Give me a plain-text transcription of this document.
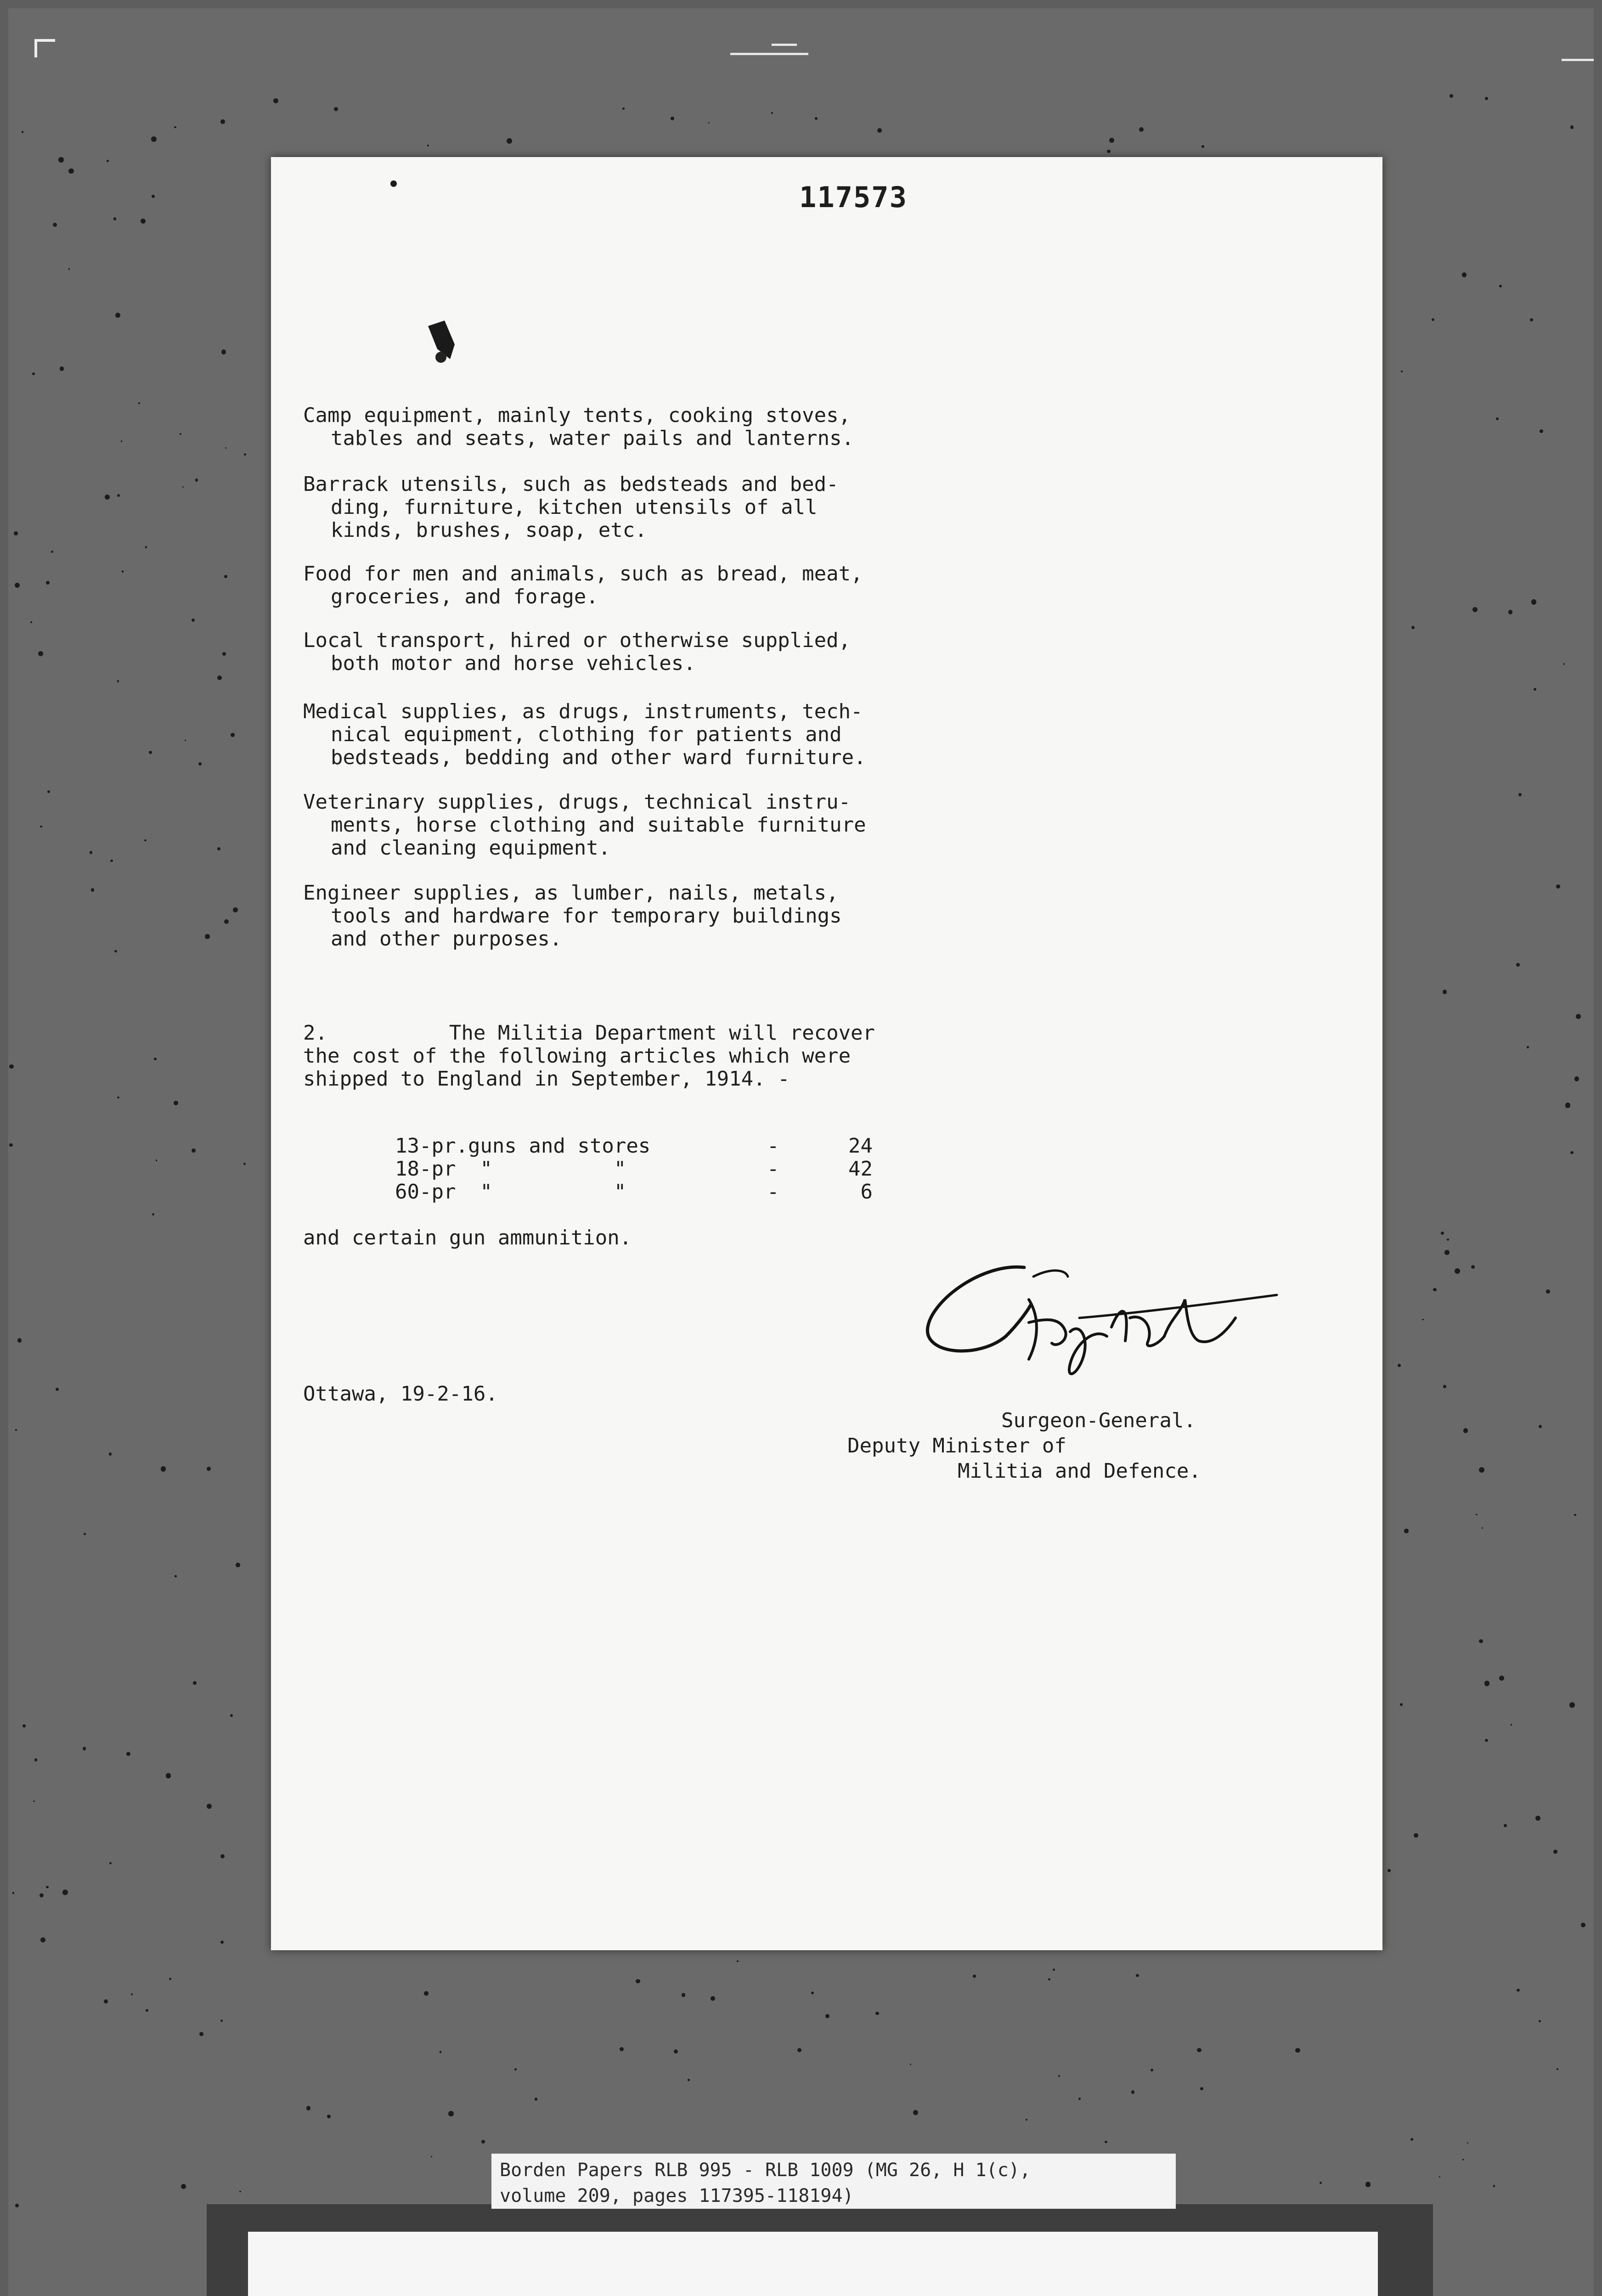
117573
Camp equipment, mainly tents, cooking stoves,
tables and seats, water pails and lanterns.
Barrack utensils, such as bedsteads and bed-
ding, furniture, kitchen utensils of all
kinds, brushes, soap, etc.
Food for men and animals, such as bread, meat,
groceries, and forage.
Local transport, hired or otherwise supplied,
both motor and horse vehicles.
Medical supplies, as drugs, instruments, tech-
nical equipment, clothing for patients and
bedsteads, bedding and other ward furniture.
Veterinary supplies, drugs, technical instru-
ments, horse clothing and suitable furniture
and cleaning equipment.
Engineer supplies, as lumber, nails, metals,
tools and hardware for temporary buildings
and other purposes.
2.          The Militia Department will recover
the cost of the following articles which were
shipped to England in September, 1914. -
13-pr.guns and stores	-	24
18-pr  "          "	-	42
60-pr  "          "	-	6
and certain gun ammunition.
Ottawa, 19-2-16.
Surgeon-General.
Deputy Minister of
Militia and Defence.
Borden Papers RLB 995 - RLB 1009 (MG 26, H 1(c),
volume 209, pages 117395-118194)
